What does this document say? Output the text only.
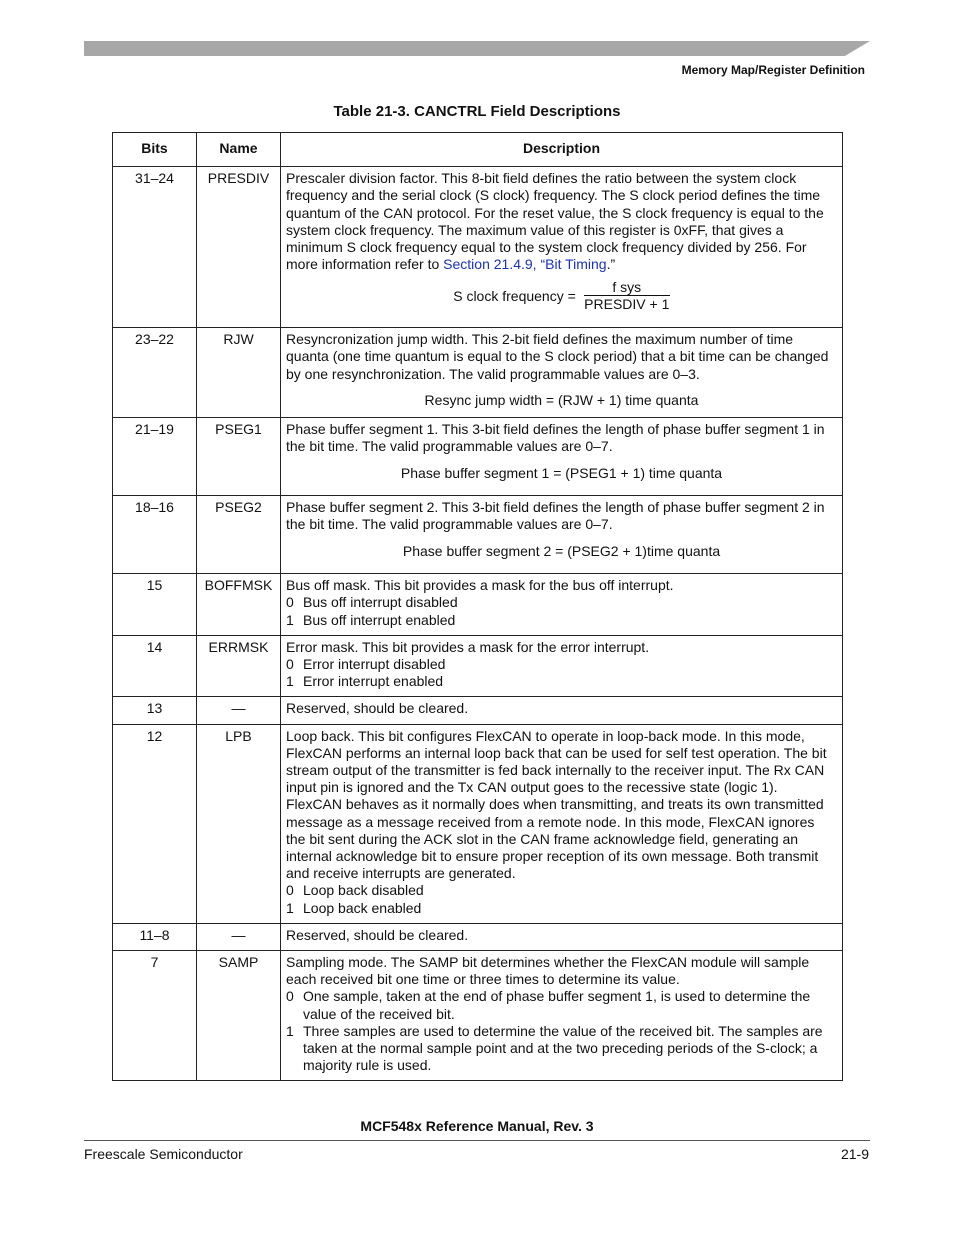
Memory Map/Register Definition
Table 21-3. CANCTRL Field Descriptions
Bits	Name	Description
31–24	PRESDIV	Prescaler division factor. This 8-bit field defines the ratio between the system clock frequency and the serial clock (S clock) frequency. The S clock period defines the time quantum of the CAN protocol. For the reset value, the S clock frequency is equal to the system clock frequency. The maximum value of this register is 0xFF, that gives a minimum S clock frequency equal to the system clock frequency divided by 256. For more information refer to Section 21.4.9, “Bit Timing.”
S clock frequency = $\frac{\text{f sys}}{\text{PRESDIV + 1}}$

23–22	RJW	Resyncronization jump width. This 2-bit field defines the maximum number of time quanta (one time quantum is equal to the S clock period) that a bit time can be changed by one resynchronization. The valid programmable values are 0–3.
Resync jump width = (RJW + 1) time quanta

21–19	PSEG1	Phase buffer segment 1. This 3-bit field defines the length of phase buffer segment 1 in the bit time. The valid programmable values are 0–7.
Phase buffer segment 1 = (PSEG1 + 1) time quanta

18–16	PSEG2	Phase buffer segment 2. This 3-bit field defines the length of phase buffer segment 2 in the bit time. The valid programmable values are 0–7.
Phase buffer segment 2 = (PSEG2 + 1)time quanta

15	BOFFMSK	Bus off mask. This bit provides a mask for the bus off interrupt.
0 Bus off interrupt disabled
1 Bus off interrupt enabled

14	ERRMSK	Error mask. This bit provides a mask for the error interrupt.
0 Error interrupt disabled
1 Error interrupt enabled

13	—	Reserved, should be cleared.
12	LPB	Loop back. This bit configures FlexCAN to operate in loop-back mode. In this mode, FlexCAN performs an internal loop back that can be used for self test operation. The bit stream output of the transmitter is fed back internally to the receiver input. The Rx CAN input pin is ignored and the Tx CAN output goes to the recessive state (logic 1). FlexCAN behaves as it normally does when transmitting, and treats its own transmitted message as a message received from a remote node. In this mode, FlexCAN ignores the bit sent during the ACK slot in the CAN frame acknowledge field, generating an internal acknowledge bit to ensure proper reception of its own message. Both transmit and receive interrupts are generated.
0 Loop back disabled
1 Loop back enabled

11–8	—	Reserved, should be cleared.
7	SAMP	Sampling mode. The SAMP bit determines whether the FlexCAN module will sample each received bit one time or three times to determine its value.
0 One sample, taken at the end of phase buffer segment 1, is used to determine the value of the received bit.
1 Three samples are used to determine the value of the received bit. The samples are taken at the normal sample point and at the two preceding periods of the S-clock; a majority rule is used.
MCF548x Reference Manual, Rev. 3
Freescale Semiconductor	21-9
